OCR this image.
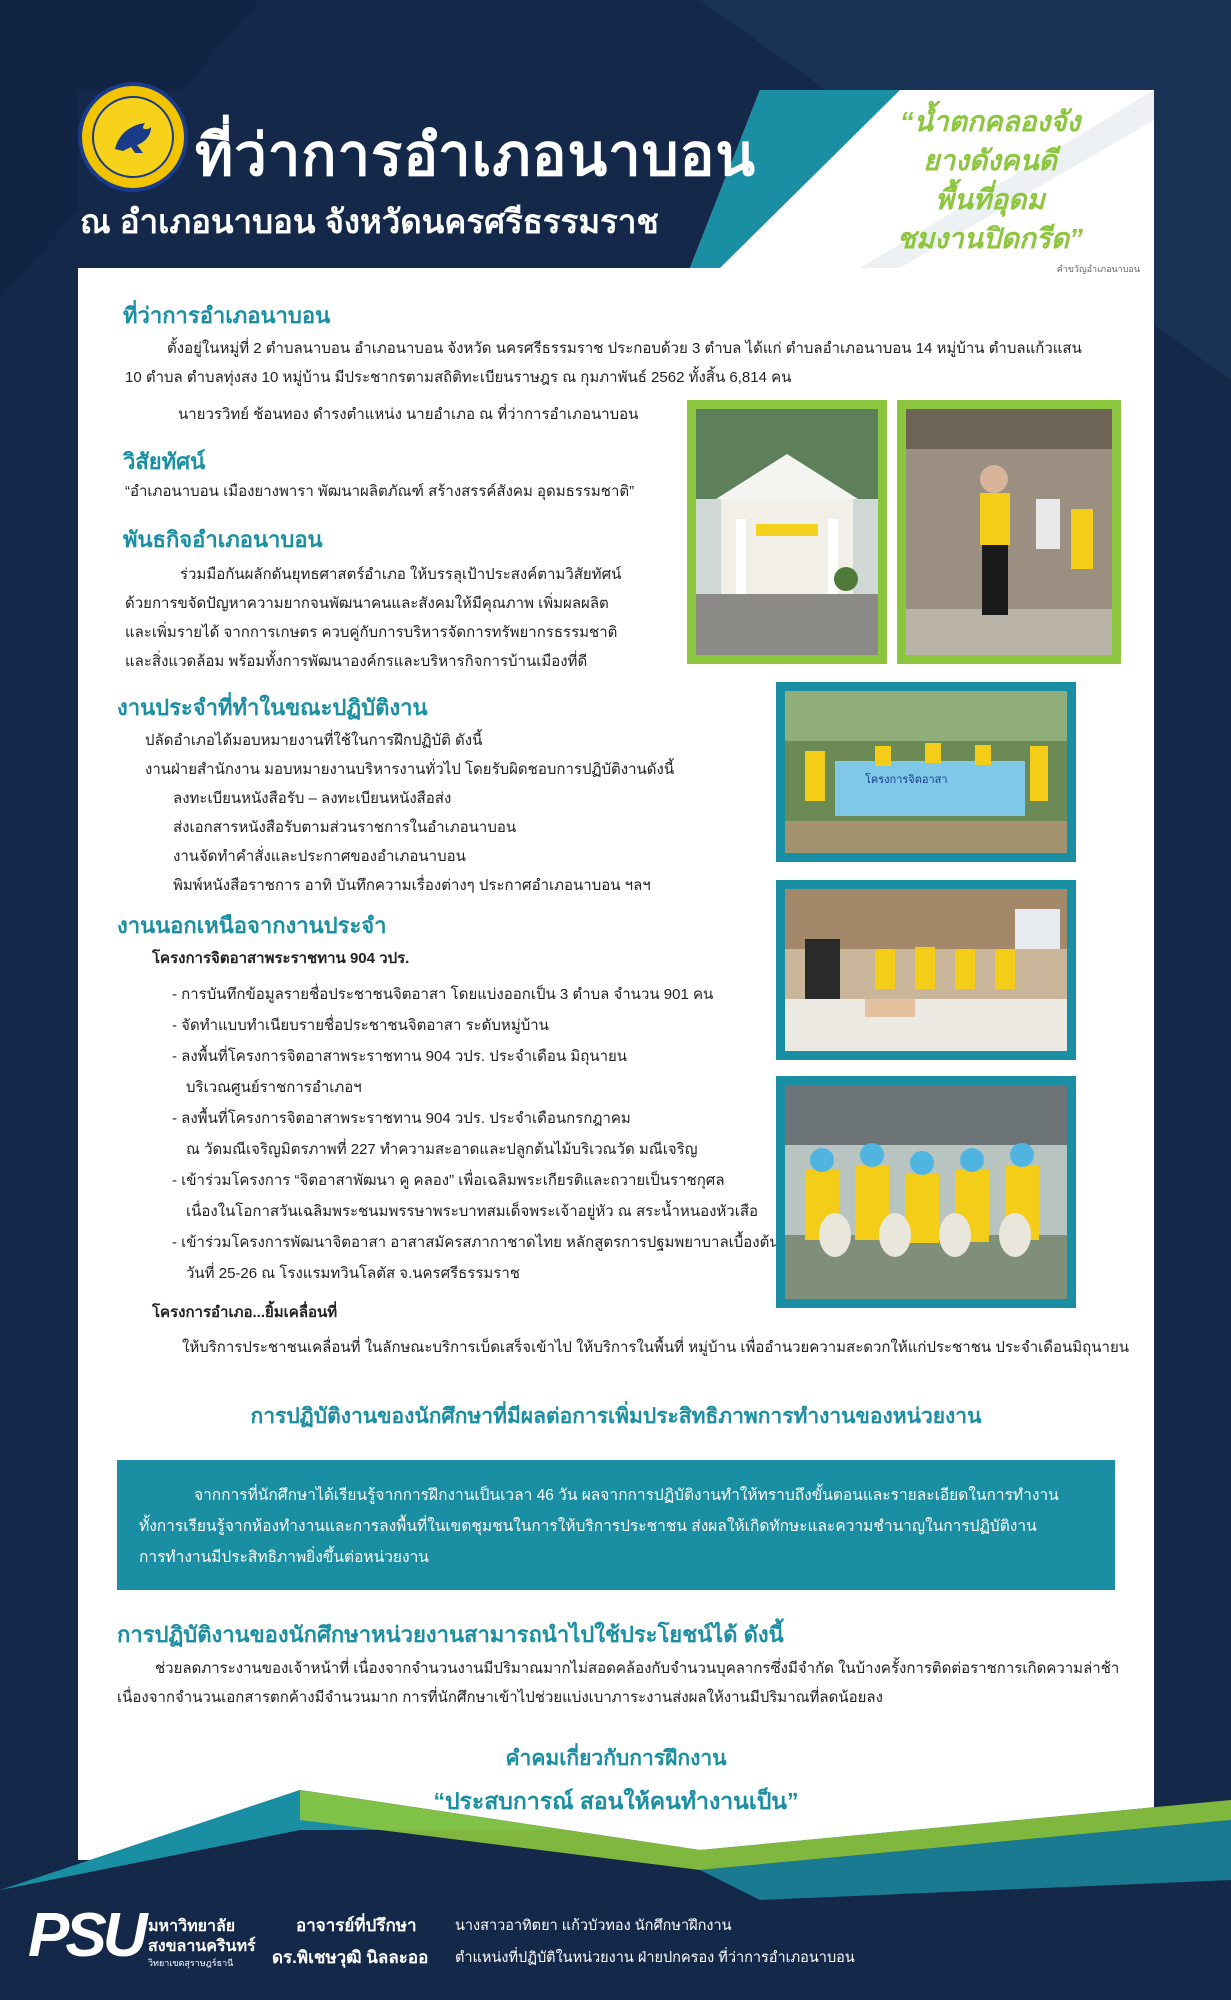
ที่ว่าการอำเภอนาบอน
ณ อำเภอนาบอน จังหวัดนครศรีธรรมราช
“น้ำตกคลองจัง
ยางดังคนดี
พื้นที่อุดม
ชมงานปิดกรีด”
คำขวัญอำเภอนาบอน
ที่ว่าการอำเภอนาบอน

ตั้งอยู่ในหมู่ที่ 2 ตำบลนาบอน อำเภอนาบอน จังหวัด นครศรีธรรมราช ประกอบด้วย 3 ตำบล ได้แก่ ตำบลอำเภอนาบอน 14 หมู่บ้าน ตำบลแก้วแสน

10 ตำบล ตำบลทุ่งสง 10 หมู่บ้าน มีประชากรตามสถิติทะเบียนราษฎร ณ กุมภาพันธ์ 2562 ทั้งสิ้น 6,814 คน

นายวรวิทย์ ช้อนทอง ดำรงตำแหน่ง นายอำเภอ ณ ที่ว่าการอำเภอนาบอน
วิสัยทัศน์
“อำเภอนาบอน เมืองยางพารา พัฒนาผลิตภัณฑ์ สร้างสรรค์สังคม อุดมธรรมชาติ”
พันธกิจอำเภอนาบอน

ร่วมมือกันผลักดันยุทธศาสตร์อำเภอ ให้บรรลุเป้าประสงค์ตามวิสัยทัศน์

ด้วยการขจัดปัญหาความยากจนพัฒนาคนและสังคมให้มีคุณภาพ เพิ่มผลผลิต

และเพิ่มรายได้ จากการเกษตร ควบคู่กับการบริหารจัดการทรัพยากรธรรมชาติ

และสิ่งแวดล้อม พร้อมทั้งการพัฒนาองค์กรและบริหารกิจการบ้านเมืองที่ดี

งานประจำที่ทำในขณะปฏิบัติงาน

ปลัดอำเภอได้มอบหมายงานที่ใช้ในการฝึกปฏิบัติ ดังนี้

งานฝ่ายสำนักงาน มอบหมายงานบริหารงานทั่วไป โดยรับผิดชอบการปฏิบัติงานดังนี้

ลงทะเบียนหนังสือรับ – ลงทะเบียนหนังสือส่ง

ส่งเอกสารหนังสือรับตามส่วนราชการในอำเภอนาบอน

งานจัดทำคำสั่งและประกาศของอำเภอนาบอน

พิมพ์หนังสือราชการ อาทิ บันทึกความเรื่องต่างๆ ประกาศอำเภอนาบอน ฯลฯ

โครงการจิตอาสา
งานนอกเหนือจากงานประจำ
โครงการจิตอาสาพระราชทาน 904 วปร.

- การบันทึกข้อมูลรายชื่อประชาชนจิตอาสา โดยแบ่งออกเป็น 3 ตำบล จำนวน 901 คน

- จัดทำแบบทำเนียบรายชื่อประชาชนจิตอาสา ระดับหมู่บ้าน

- ลงพื้นที่โครงการจิตอาสาพระราชทาน 904 วปร. ประจำเดือน มิถุนายน

บริเวณศูนย์ราชการอำเภอฯ

- ลงพื้นที่โครงการจิตอาสาพระราชทาน 904 วปร. ประจำเดือนกรกฎาคม

ณ วัดมณีเจริญมิตรภาพที่ 227 ทำความสะอาดและปลูกต้นไม้บริเวณวัด มณีเจริญ

- เข้าร่วมโครงการ “จิตอาสาพัฒนา คู คลอง” เพื่อเฉลิมพระเกียรติและถวายเป็นราชกุศล

เนื่องในโอกาสวันเฉลิมพระชนมพรรษาพระบาทสมเด็จพระเจ้าอยู่หัว ณ สระน้ำหนองหัวเสือ

- เข้าร่วมโครงการพัฒนาจิตอาสา อาสาสมัครสภากาชาดไทย หลักสูตรการปฐมพยาบาลเบื้องต้น

วันที่ 25-26 ณ โรงแรมทวินโลตัส จ.นครศรีธรรมราช

โครงการอำเภอ...ยิ้มเคลื่อนที่
ให้บริการประชาชนเคลื่อนที่ ในลักษณะบริการเบ็ดเสร็จเข้าไป ให้บริการในพื้นที่ หมู่บ้าน เพื่ออำนวยความสะดวกให้แก่ประชาชน ประจำเดือนมิถุนายน
การปฏิบัติงานของนักศึกษาที่มีผลต่อการเพิ่มประสิทธิภาพการทำงานของหน่วยงาน

จากการที่นักศึกษาได้เรียนรู้จากการฝึกงานเป็นเวลา 46 วัน ผลจากการปฏิบัติงานทำให้ทราบถึงขั้นตอนและรายละเอียดในการทำงาน

ทั้งการเรียนรู้จากห้องทำงานและการลงพื้นที่ในเขตชุมชนในการให้บริการประชาชน ส่งผลให้เกิดทักษะและความชำนาญในการปฏิบัติงาน

การทำงานมีประสิทธิภาพยิ่งขึ้นต่อหน่วยงาน

การปฏิบัติงานของนักศึกษาหน่วยงานสามารถนำไปใช้ประโยชน์ได้ ดังนี้

ช่วยลดภาระงานของเจ้าหน้าที่ เนื่องจากจำนวนงานมีปริมาณมากไม่สอดคล้องกับจำนวนบุคลากรซึ่งมีจำกัด ในบ้างครั้งการติดต่อราชการเกิดความล่าช้า

เนื่องจากจำนวนเอกสารตกค้างมีจำนวนมาก การที่นักศึกษาเข้าไปช่วยแบ่งเบาภาระงานส่งผลให้งานมีปริมาณที่ลดน้อยลง

คำคมเกี่ยวกับการฝึกงาน
“ประสบการณ์ สอนให้คนทำงานเป็น”
PSU มหาวิทยาลัย
สงขลานครินทร์
วิทยาเขตสุราษฎร์ธานี
อาจารย์ที่ปรึกษา
ดร.พิเชษวุฒิ นิลละออ
นางสาวอาทิตยา แก้วบัวทอง นักศึกษาฝึกงาน
ตำแหน่งที่ปฏิบัติในหน่วยงาน ฝ่ายปกครอง ที่ว่าการอำเภอนาบอน
